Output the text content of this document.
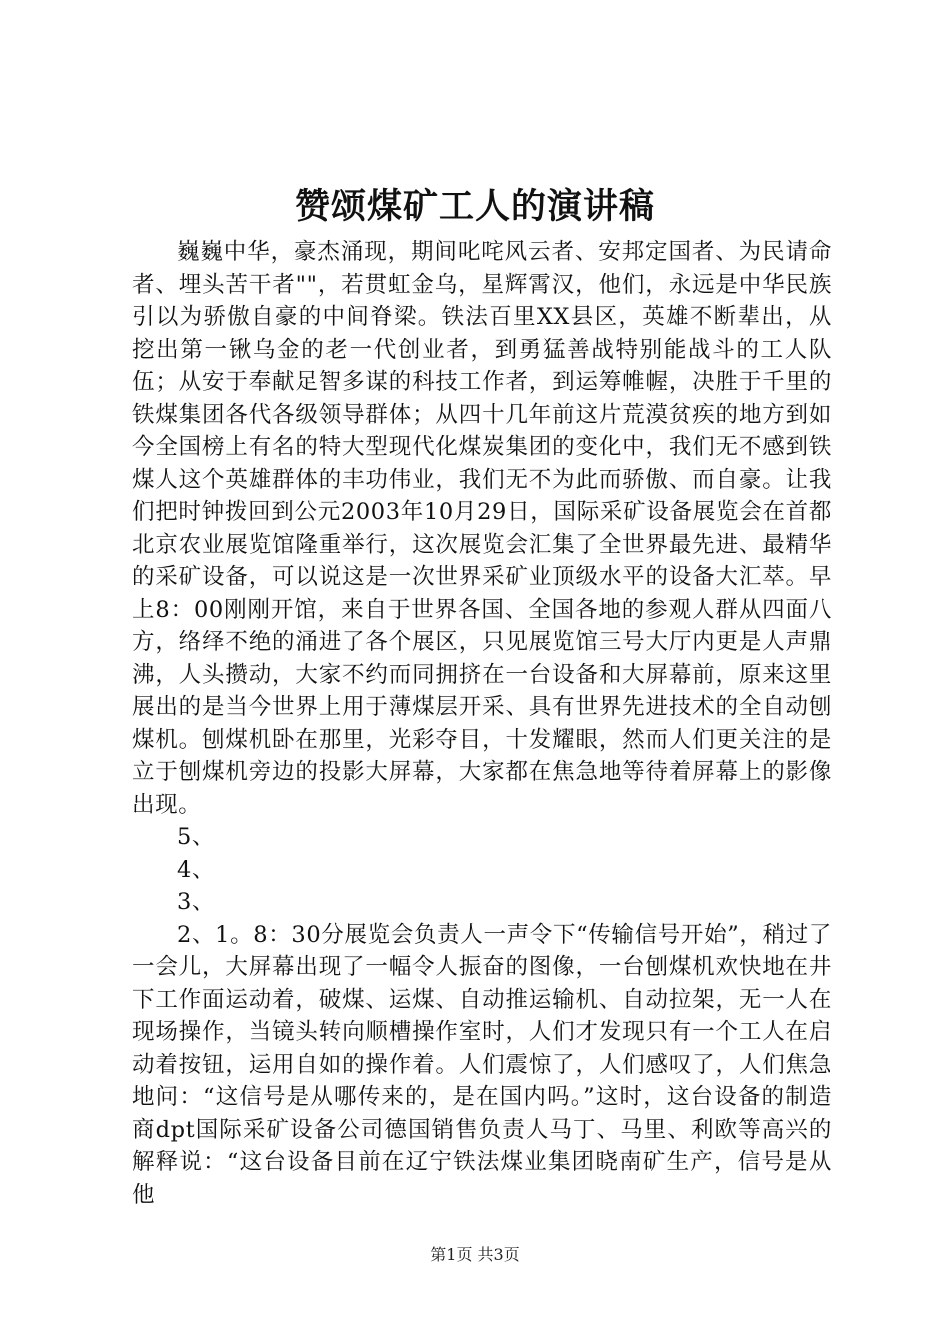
赞颂煤矿工人的演讲稿

巍巍中华，豪杰涌现，期间叱咤风云者、安邦定国者、为民请命者、埋头苦干者""，若贯虹金乌，星辉霄汉，他们，永远是中华民族引以为骄傲自豪的中间脊梁。铁法百里XX县区，英雄不断辈出，从挖出第一锹乌金的老一代创业者，到勇猛善战特别能战斗的工人队伍；从安于奉献足智多谋的科技工作者，到运筹帷幄，决胜于千里的铁煤集团各代各级领导群体；从四十几年前这片荒漠贫疾的地方到如今全国榜上有名的特大型现代化煤炭集团的变化中，我们无不感到铁煤人这个英雄群体的丰功伟业，我们无不为此而骄傲、而自豪。让我们把时钟拨回到公元2003年10月29日，国际采矿设备展览会在首都北京农业展览馆隆重举行，这次展览会汇集了全世界最先进、最精华的采矿设备，可以说这是一次世界采矿业顶级水平的设备大汇萃。早上8：00刚刚开馆，来自于世界各国、全国各地的参观人群从四面八方，络绎不绝的涌进了各个展区，只见展览馆三号大厅内更是人声鼎沸，人头攒动，大家不约而同拥挤在一台设备和大屏幕前，原来这里展出的是当今世界上用于薄煤层开采、具有世界先进技术的全自动刨煤机。刨煤机卧在那里，光彩夺目，十发耀眼，然而人们更关注的是立于刨煤机旁边的投影大屏幕，大家都在焦急地等待着屏幕上的影像出现。

5、

4、

3、

2、1。8：30分展览会负责人一声令下“传输信号开始”，稍过了一会儿，大屏幕出现了一幅令人振奋的图像，一台刨煤机欢快地在井下工作面运动着，破煤、运煤、自动推运输机、自动拉架，无一人在现场操作，当镜头转向顺槽操作室时，人们才发现只有一个工人在启动着按钮，运用自如的操作着。人们震惊了，人们感叹了，人们焦急地问：“这信号是从哪传来的，是在国内吗。”这时，这台设备的制造商dpt国际采矿设备公司德国销售负责人马丁、马里、利欧等高兴的解释说：“这台设备目前在辽宁铁法煤业集团晓南矿生产，信号是从他

第1页 共3页
